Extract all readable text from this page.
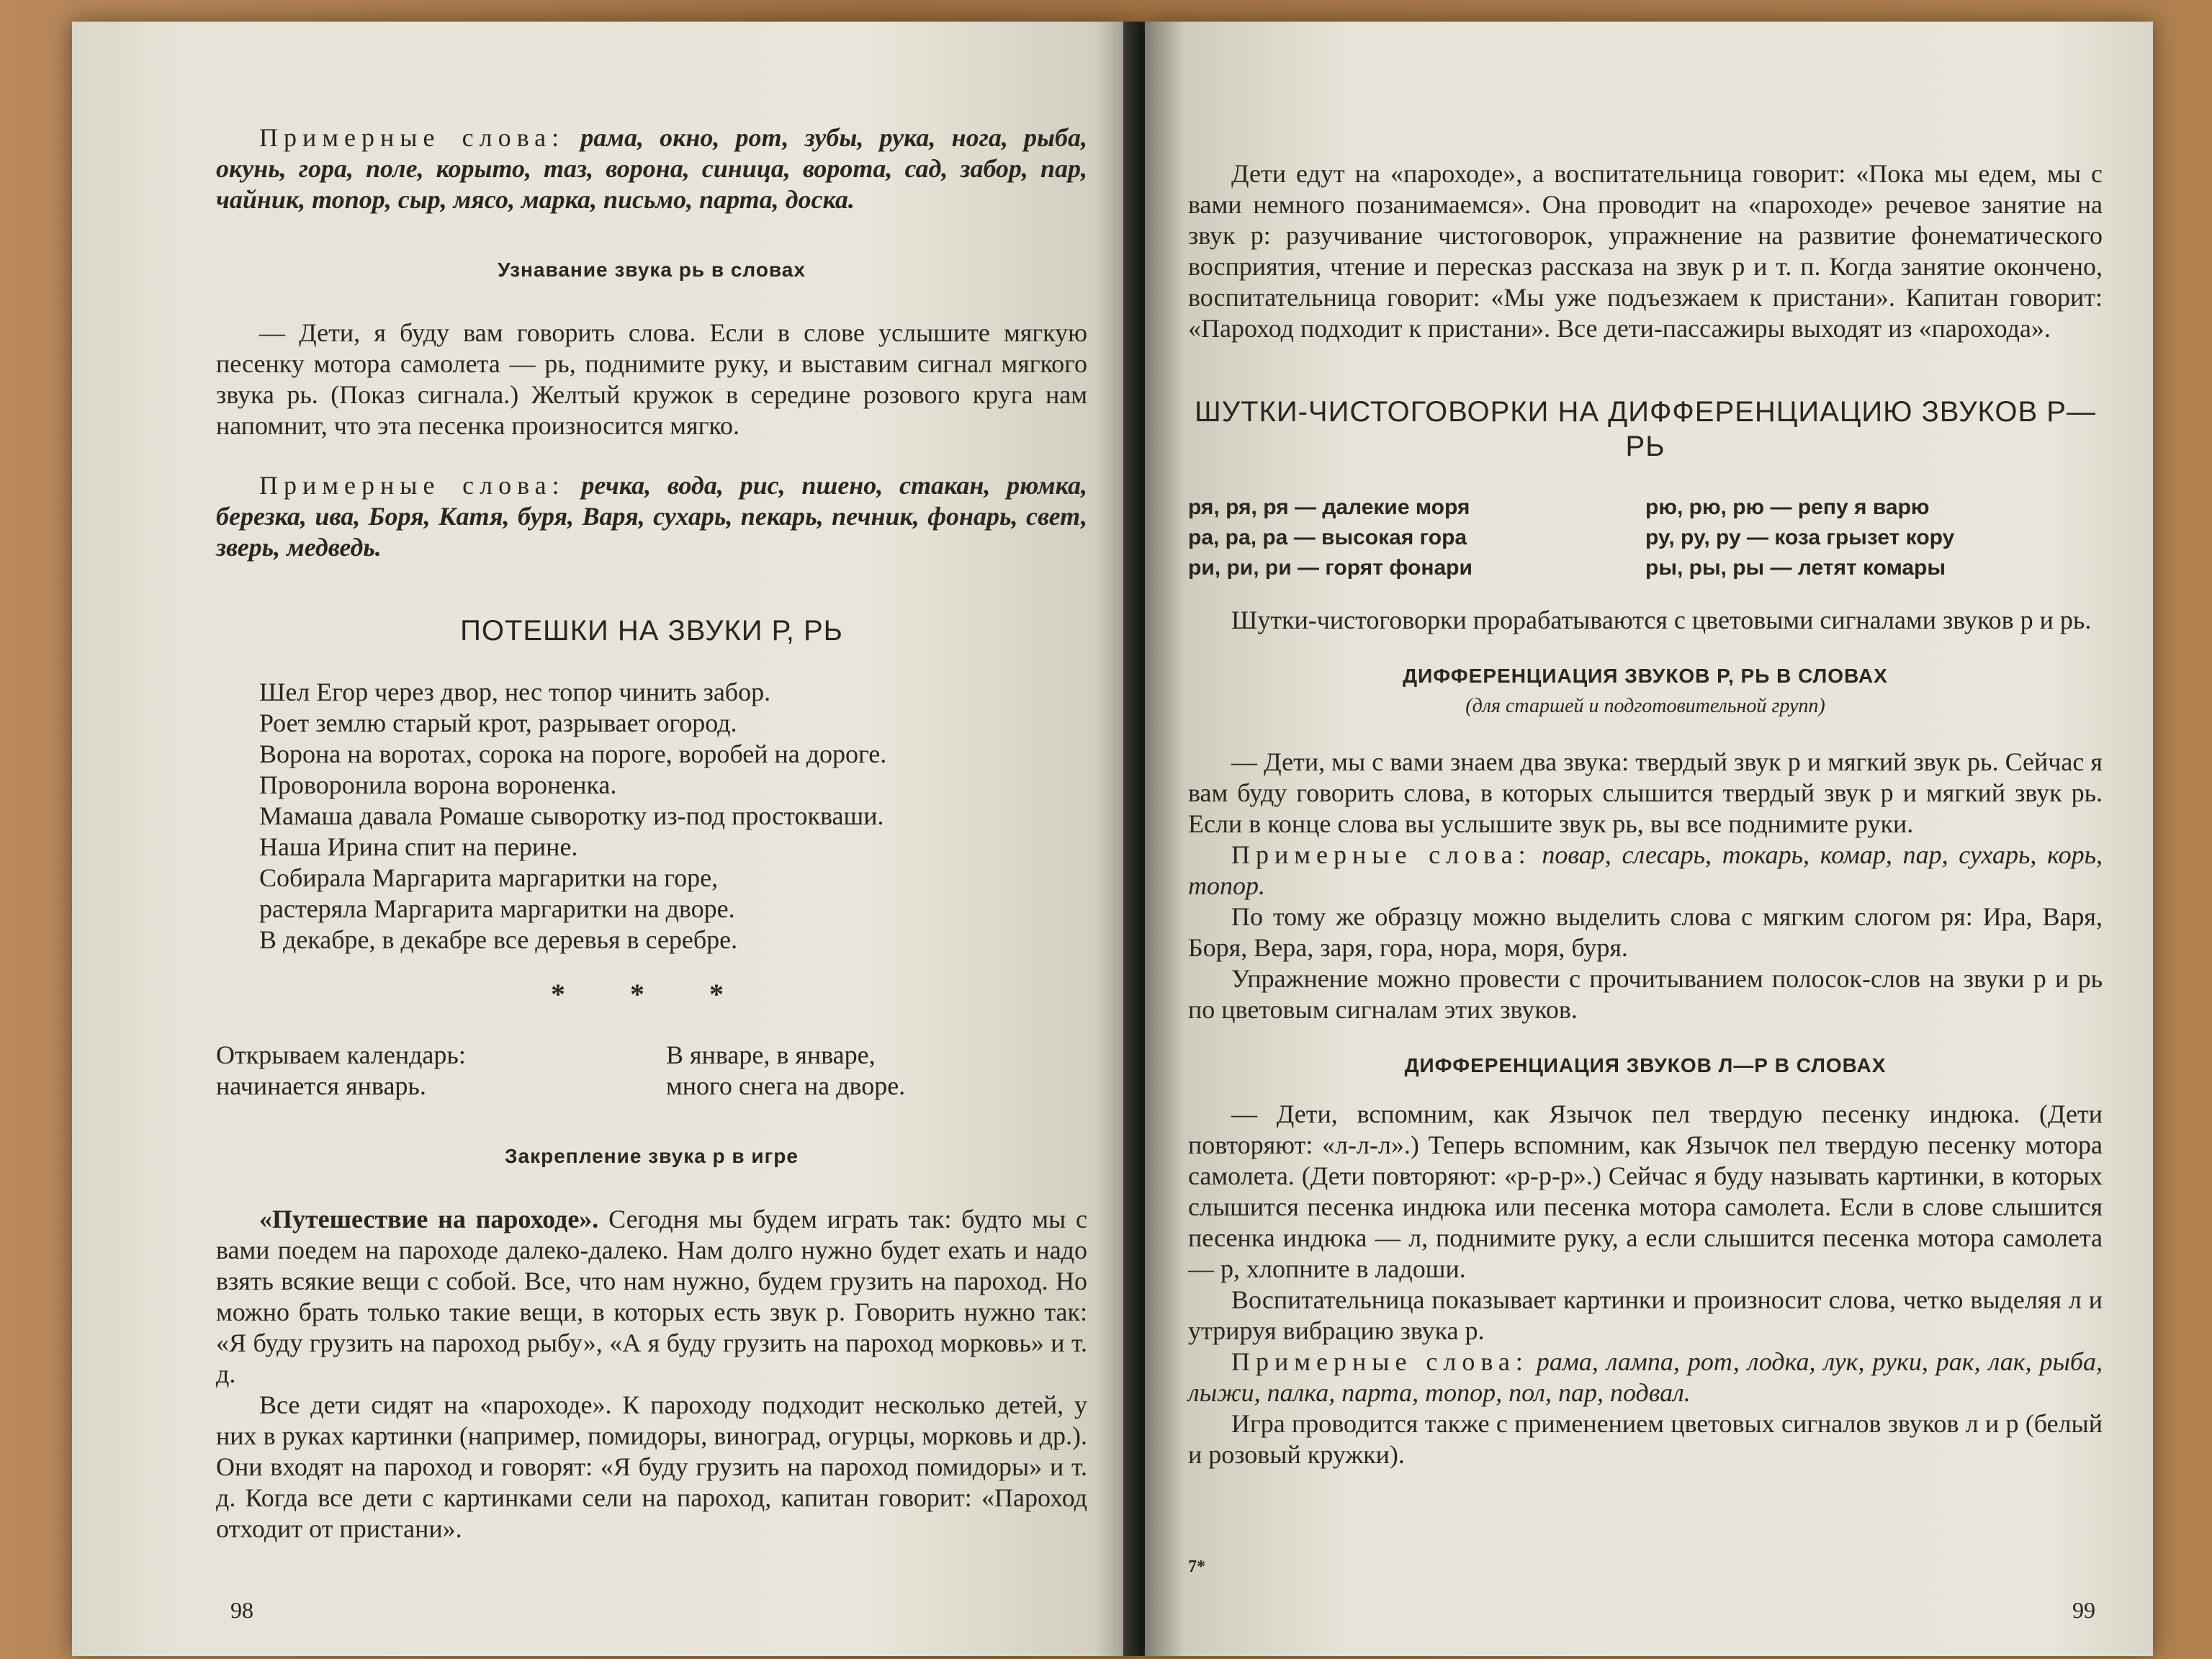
Примерные слова: рама, окно, рот, зубы, рука, нога, рыба, окунь, гора, поле, корыто, таз, ворона, синица, ворота, сад, забор, пар, чайник, топор, сыр, мясо, марка, письмо, парта, доска.

Узнавание звука рь в словах

— Дети, я буду вам говорить слова. Если в слове услышите мягкую песенку мотора самолета — рь, поднимите руку, и выставим сигнал мягкого звука рь. (Показ сигнала.) Желтый кружок в середине розового круга нам напомнит, что эта песенка произносится мягко.

Примерные слова: речка, вода, рис, пшено, стакан, рюмка, березка, ива, Боря, Катя, буря, Варя, сухарь, пекарь, печник, фонарь, свет, зверь, медведь.

ПОТЕШКИ НА ЗВУКИ Р, РЬ
Шел Егор через двор, нес топор чинить забор.
Роет землю старый крот, разрывает огород.
Ворона на воротах, сорока на пороге, воробей на дороге.
Проворонила ворона вороненка.
Мамаша давала Ромаше сыворотку из-под простокваши.
Наша Ирина спит на перине.
Собирала Маргарита маргаритки на горе,
растеряла Маргарита маргаритки на дворе.
В декабре, в декабре все деревья в серебре.
* * *
Открываем календарь:
начинается январь.
В январе, в январе,
много снега на дворе.
Закрепление звука р в игре

«Путешествие на пароходе». Сегодня мы будем играть так: будто мы с вами поедем на пароходе далеко-далеко. Нам долго нужно будет ехать и надо взять всякие вещи с собой. Все, что нам нужно, будем грузить на пароход. Но можно брать только такие вещи, в которых есть звук р. Говорить нужно так: «Я буду грузить на пароход рыбу», «А я буду грузить на пароход морковь» и т. д.

Все дети сидят на «пароходе». К пароходу подходит несколько детей, у них в руках картинки (например, помидоры, виноград, огурцы, морковь и др.). Они входят на пароход и говорят: «Я буду грузить на пароход помидоры» и т. д. Когда все дети с картинками сели на пароход, капитан говорит: «Пароход отходит от пристани».

98

Дети едут на «пароходе», а воспитательница говорит: «Пока мы едем, мы с вами немного позанимаемся». Она проводит на «пароходе» речевое занятие на звук р: разучивание чистоговорок, упражнение на развитие фонематического восприятия, чтение и пересказ рассказа на звук р и т. п. Когда занятие окончено, воспитательница говорит: «Мы уже подъезжаем к пристани». Капитан говорит: «Пароход подходит к пристани». Все дети-пассажиры выходят из «парохода».

ШУТКИ-ЧИСТОГОВОРКИ НА ДИФФЕРЕНЦИАЦИЮ ЗВУКОВ Р—РЬ
ря, ря, ря — далекие моря
ра, ра, ра — высокая гора
ри, ри, ри — горят фонари
рю, рю, рю — репу я варю
ру, ру, ру — коза грызет кору
ры, ры, ры — летят комары

Шутки-чистоговорки прорабатываются с цветовыми сигналами звуков р и рь.

ДИФФЕРЕНЦИАЦИЯ ЗВУКОВ Р, РЬ В СЛОВАХ
(для старшей и подготовительной групп)

— Дети, мы с вами знаем два звука: твердый звук р и мягкий звук рь. Сейчас я вам буду говорить слова, в которых слышится твердый звук р и мягкий звук рь. Если в конце слова вы услышите звук рь, вы все поднимите руки.

Примерные слова: повар, слесарь, токарь, комар, пар, сухарь, корь, топор.

По тому же образцу можно выделить слова с мягким слогом ря: Ира, Варя, Боря, Вера, заря, гора, нора, моря, буря.

Упражнение можно провести с прочитыванием полосок-слов на звуки р и рь по цветовым сигналам этих звуков.

ДИФФЕРЕНЦИАЦИЯ ЗВУКОВ Л—Р В СЛОВАХ

— Дети, вспомним, как Язычок пел твердую песенку индюка. (Дети повторяют: «л-л-л».) Теперь вспомним, как Язычок пел твердую песенку мотора самолета. (Дети повторяют: «р-р-р».) Сейчас я буду называть картинки, в которых слышится песенка индюка или песенка мотора самолета. Если в слове слышится песенка индюка — л, поднимите руку, а если слышится песенка мотора самолета — р, хлопните в ладоши.

Воспитательница показывает картинки и произносит слова, четко выделяя л и утрируя вибрацию звука р.

Примерные слова: рама, лампа, рот, лодка, лук, руки, рак, лак, рыба, лыжи, палка, парта, топор, пол, пар, подвал.

Игра проводится также с применением цветовых сигналов звуков л и р (белый и розовый кружки).

7*
99
